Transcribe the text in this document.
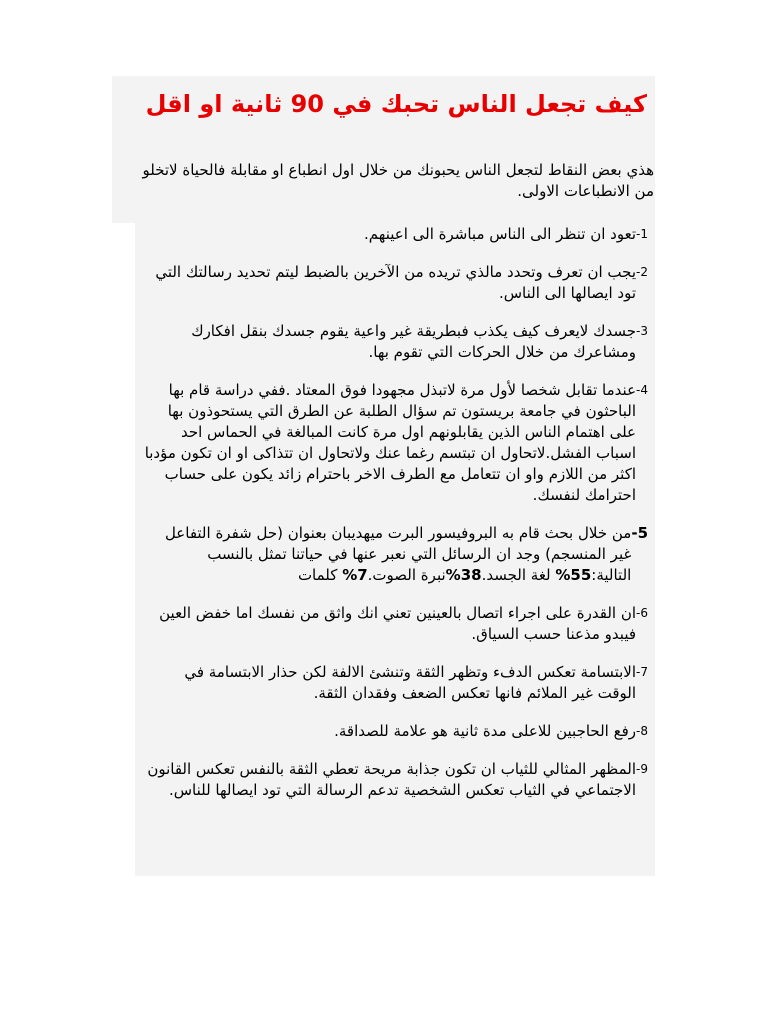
كيف تجعل الناس تحبك في 90 ثانية او اقل
هذي بعض النقاط لتجعل الناس يحبونك من خلال اول انطباع او مقابلة فالحياة لاتخلو من الانطباعات الاولى.
1-
تعود ان تنظر الى الناس مباشرة الى اعينهم.
2-
يجب ان تعرف وتحدد مالذي تريده من الآخرين بالضبط ليتم تحديد رسالتك التي تود ايصالها الى الناس.
3-
جسدك لايعرف كيف يكذب فبطريقة غير واعية يقوم جسدك بنقل افكارك ومشاعرك من خلال الحركات التي تقوم بها.
4-
عندما تقابل شخصا لأول مرة لاتبذل مجهودا فوق المعتاد .ففي دراسة قام بها الباحثون في جامعة بريستون تم سؤال الطلبة عن الطرق التي يستحوذون بها على اهتمام الناس الذين يقابلونهم اول مرة كانت المبالغة في الحماس احد اسباب الفشل.لاتحاول ان تبتسم رغما عنك ولاتحاول ان تتذاكى او ان تكون مؤدبا اكثر من اللازم واو ان تتعامل مع الطرف الاخر باحترام زائد يكون على حساب احترامك لنفسك.
5-
من خلال بحث قام به البروفيسور البرت ميهديبان بعنوان (حل شفرة التفاعل غير المنسجم) وجد ان الرسائل التي نعبر عنها في حياتنا تمثل بالنسب التالية:55% لغة الجسد.38%نبرة الصوت.7% كلمات
6-
ان القدرة على اجراء اتصال بالعينين تعني انك واثق من نفسك اما خفض العين فيبدو مذعنا حسب السياق.
7-
الابتسامة تعكس الدفء وتظهر الثقة وتنشئ الالفة لكن حذار الابتسامة في الوقت غير الملائم فانها تعكس الضعف وفقدان الثقة.
8-
رفع الحاجبين للاعلى مدة ثانية هو علامة للصداقة.
9-
المظهر المثالي للثياب ان تكون جذابة مريحة تعطي الثقة بالنفس تعكس القانون الاجتماعي في الثياب تعكس الشخصية تدعم الرسالة التي تود ايصالها للناس.
